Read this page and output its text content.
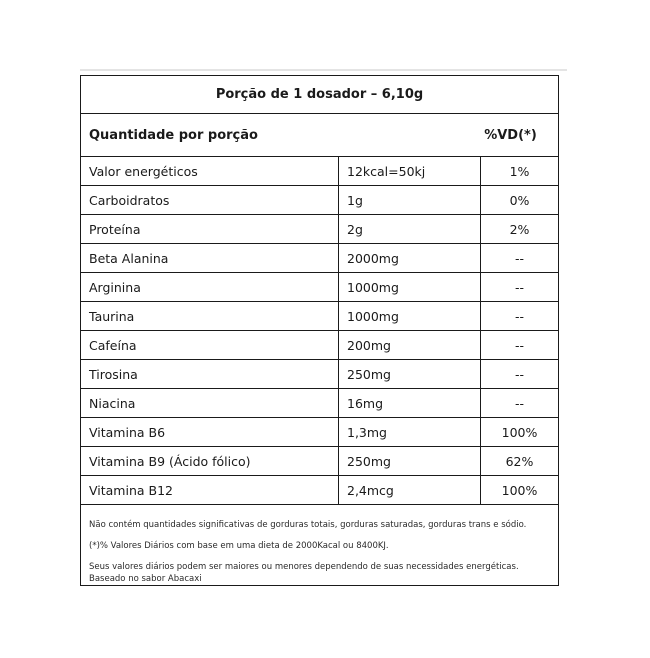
Porção de 1 dosador – 6,10g
Quantidade por porção	%VD(*)
Valor energéticos	12kcal=50kj	1%
Carboidratos	1g	0%
Proteína	2g	2%
Beta Alanina	2000mg	--
Arginina	1000mg	--
Taurina	1000mg	--
Cafeína	200mg	--
Tirosina	250mg	--
Niacina	16mg	--
Vitamina B6	1,3mg	100%
Vitamina B9 (Ácido fólico)	250mg	62%
Vitamina B12	2,4mcg	100%

Não contém quantidades significativas de gorduras totais, gorduras saturadas, gorduras trans e sódio.

(*)% Valores Diários com base em uma dieta de 2000Kacal ou 8400KJ.

Seus valores diários podem ser maiores ou menores dependendo de suas necessidades energéticas.

Baseado no sabor Abacaxi
